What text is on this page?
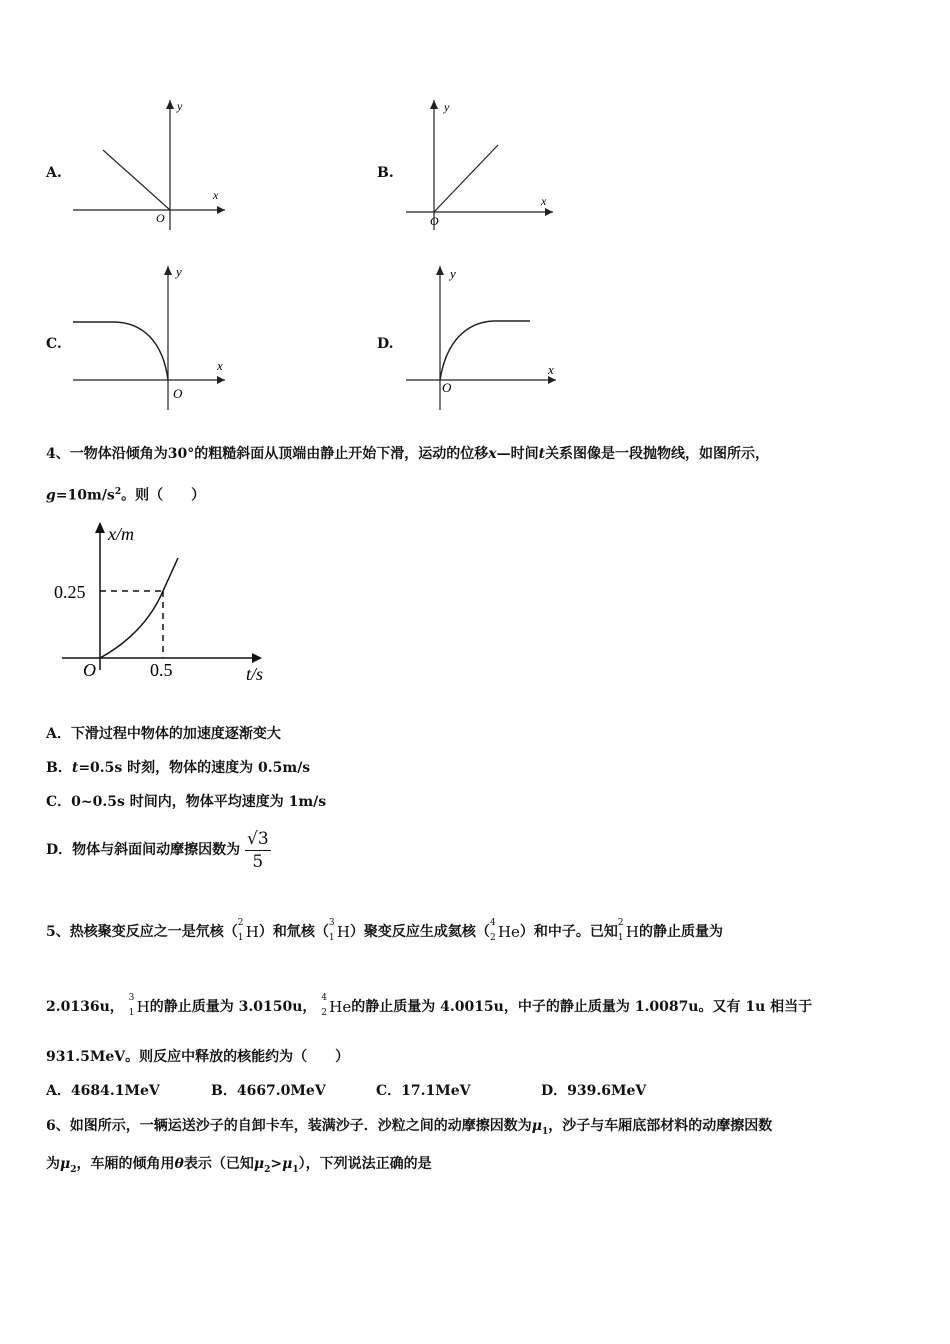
A.
y
x
O
B.
y
x
O
C.
y
x
O
D.
y
x
O
4、一物体沿倾角为30°的粗糙斜面从顶端由静止开始下滑，运动的位移x—时间t关系图像是一段抛物线，如图所示，
$g=10m/s^2$。则（　　）
x/m
0.25
O	0.5	t/s
A．下滑过程中物体的加速度逐渐变大
B．t=0.5s 时刻，物体的速度为 0.5m/s
C．0~0.5s 时间内，物体平均速度为 1m/s
D．物体与斜面间动摩擦因数为 $\frac{√3}{5}$
5、热核聚变反应之一是氘核（
2
1 H）和氚核（
3
1 H）聚变反应生成氦核（
4
2 He）和中子。已知
2
1 H的静止质量为
2.0136u，
3
1 H的静止质量为 3.0150u，
4
2 He的静止质量为 4.0015u，中子的静止质量为 1.0087u。又有 1u 相当于
931.5MeV。则反应中释放的核能约为（　　）
A．4684.1MeV	B．4667.0MeV	C．17.1MeV	D．939.6MeV
6、如图所示，一辆运送沙子的自卸卡车，装满沙子．沙粒之间的动摩擦因数为$\mu_1$，沙子与车厢底部材料的动摩擦因数
为$\mu_2$，车厢的倾角用θ表示（已知$\mu_2>\mu_1$），下列说法正确的是
